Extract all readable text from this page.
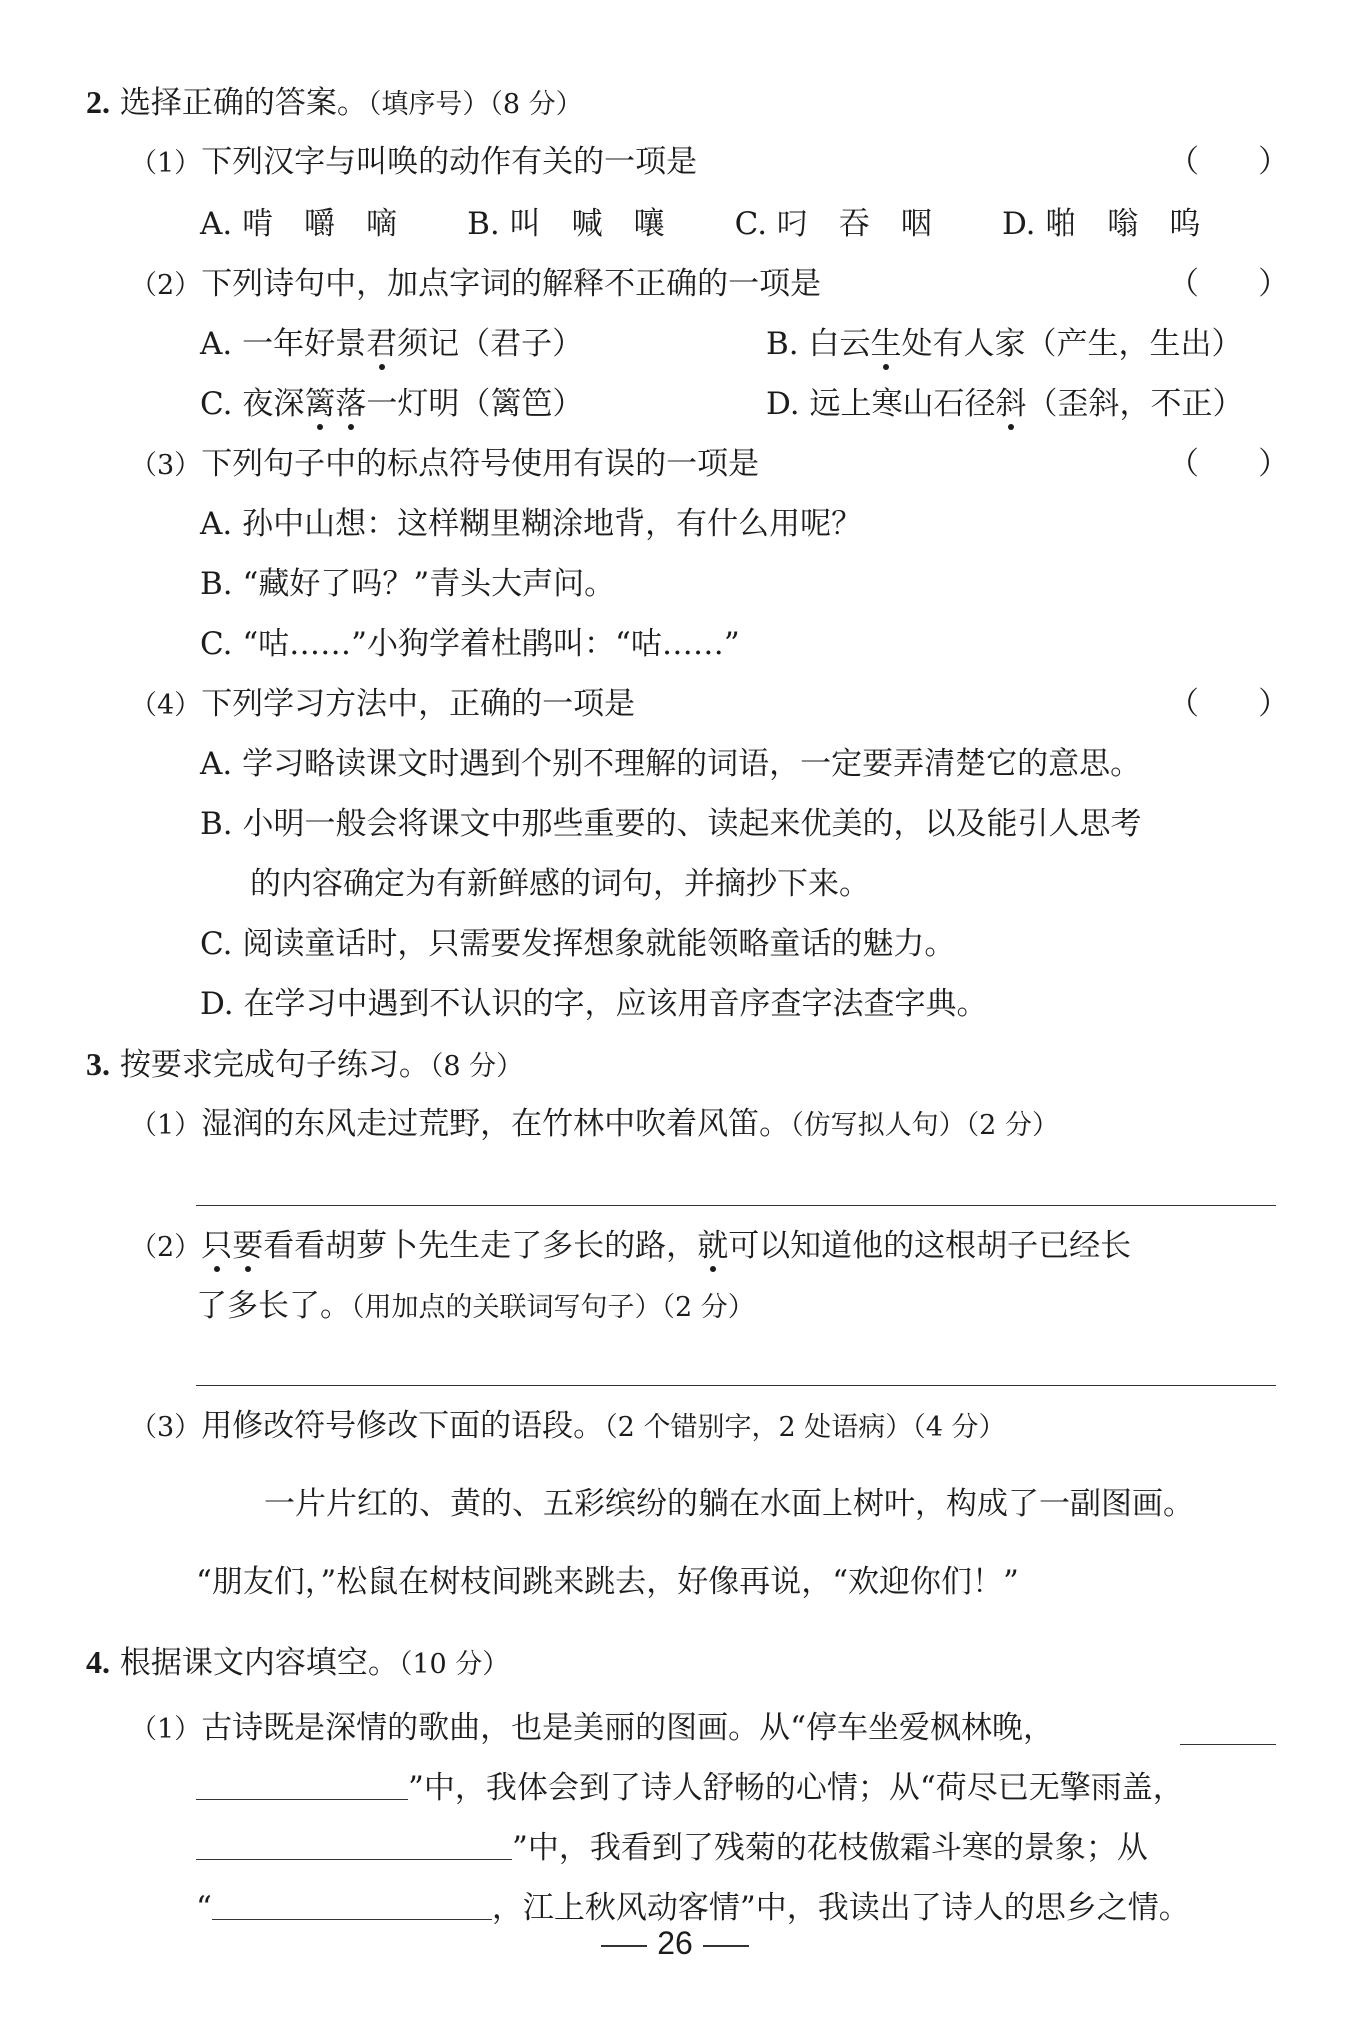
2. 选择正确的答案。（填序号）（8 分）
（1）下列汉字与叫唤的动作有关的一项是	（      ）
A. 啃　嚼　嘀 B. 叫　喊　嚷 C. 叼　吞　咽 D. 啪　嗡　呜
（2）下列诗句中，加点字词的解释不正确的一项是	（      ）
A. 一年好景君须记（君子）	B. 白云生处有人家（产生，生出）
C. 夜深篱落一灯明（篱笆）	D. 远上寒山石径斜（歪斜，不正）
（3）下列句子中的标点符号使用有误的一项是	（      ）
A. 孙中山想：这样糊里糊涂地背，有什么用呢？
B. “藏好了吗？”青头大声问。
C. “咕……”小狗学着杜鹃叫：“咕……”
（4）下列学习方法中，正确的一项是	（      ）
A. 学习略读课文时遇到个别不理解的词语，一定要弄清楚它的意思。
B. 小明一般会将课文中那些重要的、读起来优美的，以及能引人思考
的内容确定为有新鲜感的词句，并摘抄下来。
C. 阅读童话时，只需要发挥想象就能领略童话的魅力。
D. 在学习中遇到不认识的字，应该用音序查字法查字典。
3. 按要求完成句子练习。（8 分）
（1）湿润的东风走过荒野，在竹林中吹着风笛。（仿写拟人句）（2 分）
（2）只要看看胡萝卜先生走了多长的路，就可以知道他的这根胡子已经长
了多长了。（用加点的关联词写句子）（2 分）
（3）用修改符号修改下面的语段。（2 个错别字，2 处语病）（4 分）
一片片红的、黄的、五彩缤纷的躺在水面上树叶，构成了一副图画。
“朋友们，”松鼠在树枝间跳来跳去，好像再说，“欢迎你们！”
4. 根据课文内容填空。（10 分）
（1）古诗既是深情的歌曲，也是美丽的图画。从“停车坐爱枫林晚，
”中，我体会到了诗人舒畅的心情；从“荷尽已无擎雨盖，
”中，我看到了残菊的花枝傲霜斗寒的景象；从
“	，江上秋风动客情”中，我读出了诗人的思乡之情。
26
